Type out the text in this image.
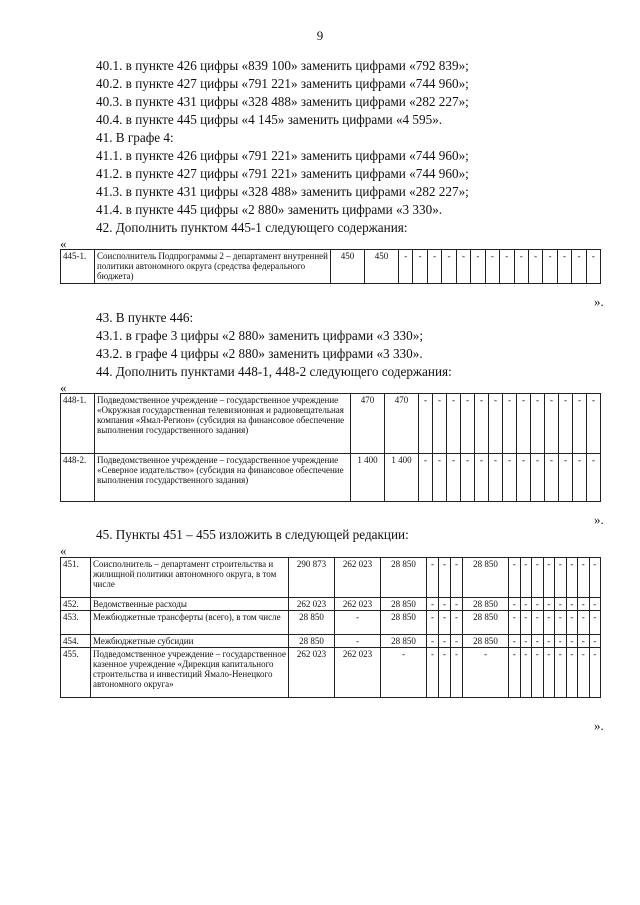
9
40.1. в пункте 426 цифры «839 100» заменить цифрами «792 839»;
40.2. в пункте 427 цифры «791 221» заменить цифрами «744 960»;
40.3. в пункте 431 цифры «328 488» заменить цифрами «282 227»;
40.4. в пункте 445 цифры «4 145» заменить цифрами «4 595».
41. В графе 4:
41.1. в пункте 426 цифры «791 221» заменить цифрами «744 960»;
41.2. в пункте 427 цифры «791 221» заменить цифрами «744 960»;
41.3. в пункте 431 цифры «328 488» заменить цифрами «282 227»;
41.4. в пункте 445 цифры «2 880» заменить цифрами «3 330».
42. Дополнить пунктом 445-1 следующего содержания:
«
445-1.	Соисполнитель Подпрограммы 2 – департамент внутренней политики автономного округа (средства федерального бюджета)	450	450	-	-	-	-	-	-	-	-	-	-	-	-	-	-
».
43. В пункте 446:
43.1. в графе 3 цифры «2 880» заменить цифрами «3 330»;
43.2. в графе 4 цифры «2 880» заменить цифрами «3 330».
44. Дополнить пунктами 448-1, 448-2 следующего содержания:
«
448-1.	Подведомственное учреждение – государственное учреждение «Окружная государственная телевизионная и радиовещательная компания «Ямал-Регион» (субсидия на финансовое обеспечение выполнения государственного задания)	470	470	-	-	-	-	-	-	-	-	-	-	-	-	-
448-2.	Подведомственное учреждение – государственное учреждение «Северное издательство» (субсидия на финансовое обеспечение выполнения государственного задания)	1 400	1 400	-	-	-	-	-	-	-	-	-	-	-	-	-
».
45. Пункты 451 – 455 изложить в следующей редакции:
«
451.	Соисполнитель – департамент строительства и жилищной политики автономного округа, в том числе	290 873	262 023	28 850	-	-	-	28 850	-	-	-	-	-	-	-	-
452.	Ведомственные расходы	262 023	262 023	28 850	-	-	-	28 850	-	-	-	-	-	-	-	-
453.	Межбюджетные трансферты (всего), в том числе	28 850	-	28 850	-	-	-	28 850	-	-	-	-	-	-	-	-
454.	Межбюджетные субсидии	28 850	-	28 850	-	-	-	28 850	-	-	-	-	-	-	-	-
455.	Подведомственное учреждение – государственное казенное учреждение «Дирекция капитального строительства и инвестиций Ямало-Ненецкого автономного округа»	262 023	262 023	-	-	-	-	-	-	-	-	-	-	-	-	-
».
